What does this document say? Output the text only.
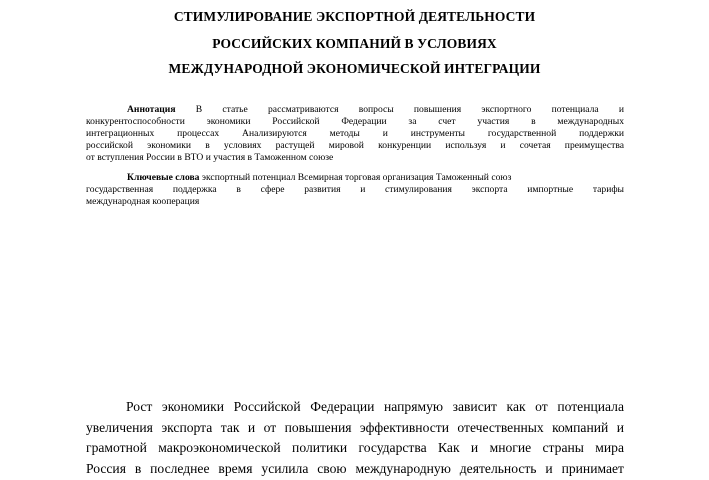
СТИМУЛИРОВАНИЕ ЭКСПОРТНОЙ ДЕЯТЕЛЬНОСТИ
РОССИЙСКИХ КОМПАНИЙ В УСЛОВИЯХ
МЕЖДУНАРОДНОЙ ЭКОНОМИЧЕСКОЙ ИНТЕГРАЦИИ
Аннотация В статье рассматриваются вопросы повышения экспортного потенциала и
конкурентоспособности экономики Российской Федерации за счет участия в международных
интеграционных процессах Анализируются методы и инструменты государственной поддержки
российской экономики в условиях растущей мировой конкуренции используя и сочетая преимущества
от вступления России в ВТО и участия в Таможенном союзе
Ключевые слова экспортный потенциал Всемирная торговая организация Таможенный союз
государственная поддержка в сфере развития и стимулирования экспорта импортные тарифы
международная кооперация
Рост экономики Российской Федерации напрямую зависит как от потенциала
увеличения экспорта так и от повышения эффективности отечественных компаний и
грамотной макроэкономической политики государства Как и многие страны мира
Россия в последнее время усилила свою международную деятельность и принимает
